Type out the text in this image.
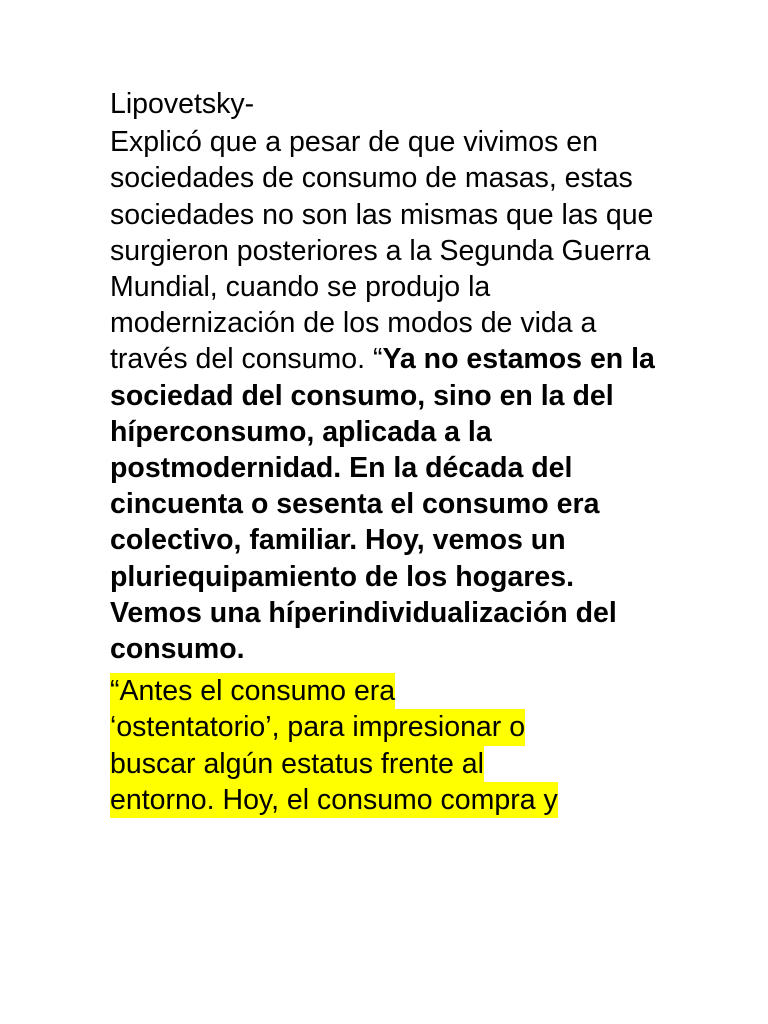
Lipovetsky-

Explicó que a pesar de que vivimos en sociedades de consumo de masas, estas sociedades no son las mismas que las que surgieron posteriores a la Segunda Guerra Mundial, cuando se produjo la modernización de los modos de vida a través del consumo. “Ya no estamos en la sociedad del consumo, sino en la del híperconsumo, aplicada a la postmodernidad. En la década del cincuenta o sesenta el consumo era colectivo, familiar. Hoy, vemos un pluriequipamiento de los hogares. Vemos una híperindividualización del consumo.

“Antes el consumo era
‘ostentatorio’, para impresionar o
buscar algún estatus frente al
entorno. Hoy, el consumo compra y
